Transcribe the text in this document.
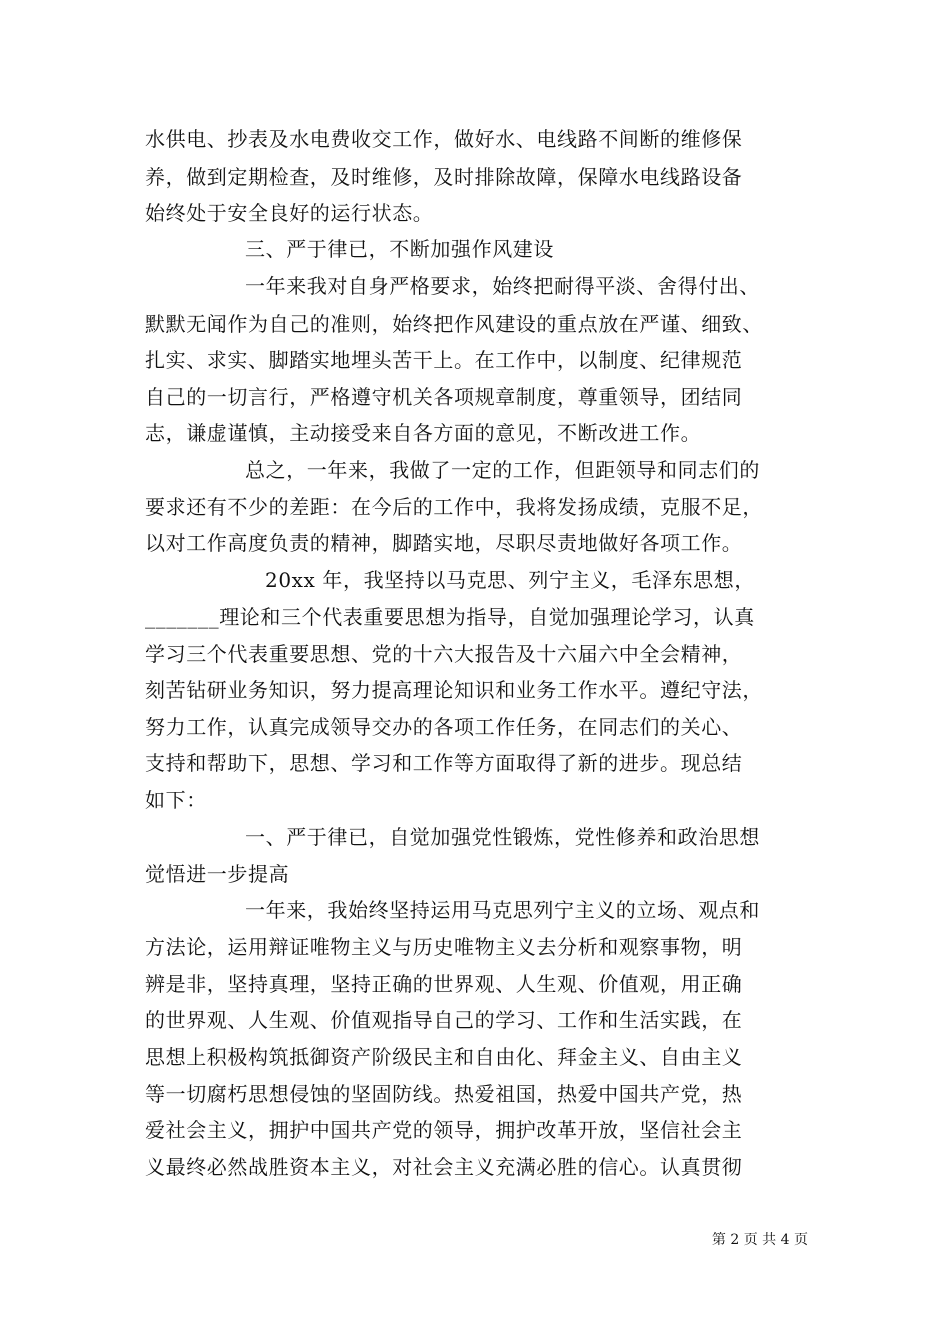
水供电、抄表及水电费收交工作，做好水、电线路不间断的维修保
养，做到定期检查，及时维修，及时排除故障，保障水电线路设备
始终处于安全良好的运行状态。
三、严于律已，不断加强作风建设
一年来我对自身严格要求，始终把耐得平淡、舍得付出、
默默无闻作为自己的准则，始终把作风建设的重点放在严谨、细致、
扎实、求实、脚踏实地埋头苦干上。在工作中，以制度、纪律规范
自己的一切言行，严格遵守机关各项规章制度，尊重领导，团结同
志，谦虚谨慎，主动接受来自各方面的意见，不断改进工作。
总之，一年来，我做了一定的工作，但距领导和同志们的
要求还有不少的差距：在今后的工作中，我将发扬成绩，克服不足，
以对工作高度负责的精神，脚踏实地，尽职尽责地做好各项工作。
20xx 年，我坚持以马克思、列宁主义，毛泽东思想，
_______理论和三个代表重要思想为指导，自觉加强理论学习，认真
学习三个代表重要思想、党的十六大报告及十六届六中全会精神，
刻苦钻研业务知识，努力提高理论知识和业务工作水平。遵纪守法，
努力工作，认真完成领导交办的各项工作任务，在同志们的关心、
支持和帮助下，思想、学习和工作等方面取得了新的进步。现总结
如下：
一、严于律已，自觉加强党性锻炼，党性修养和政治思想
觉悟进一步提高
一年来，我始终坚持运用马克思列宁主义的立场、观点和
方法论，运用辩证唯物主义与历史唯物主义去分析和观察事物，明
辨是非，坚持真理，坚持正确的世界观、人生观、价值观，用正确
的世界观、人生观、价值观指导自己的学习、工作和生活实践，在
思想上积极构筑抵御资产阶级民主和自由化、拜金主义、自由主义
等一切腐朽思想侵蚀的坚固防线。热爱祖国，热爱中国共产党，热
爱社会主义，拥护中国共产党的领导，拥护改革开放，坚信社会主
义最终必然战胜资本主义，对社会主义充满必胜的信心。认真贯彻
第 2 页 共 4 页
